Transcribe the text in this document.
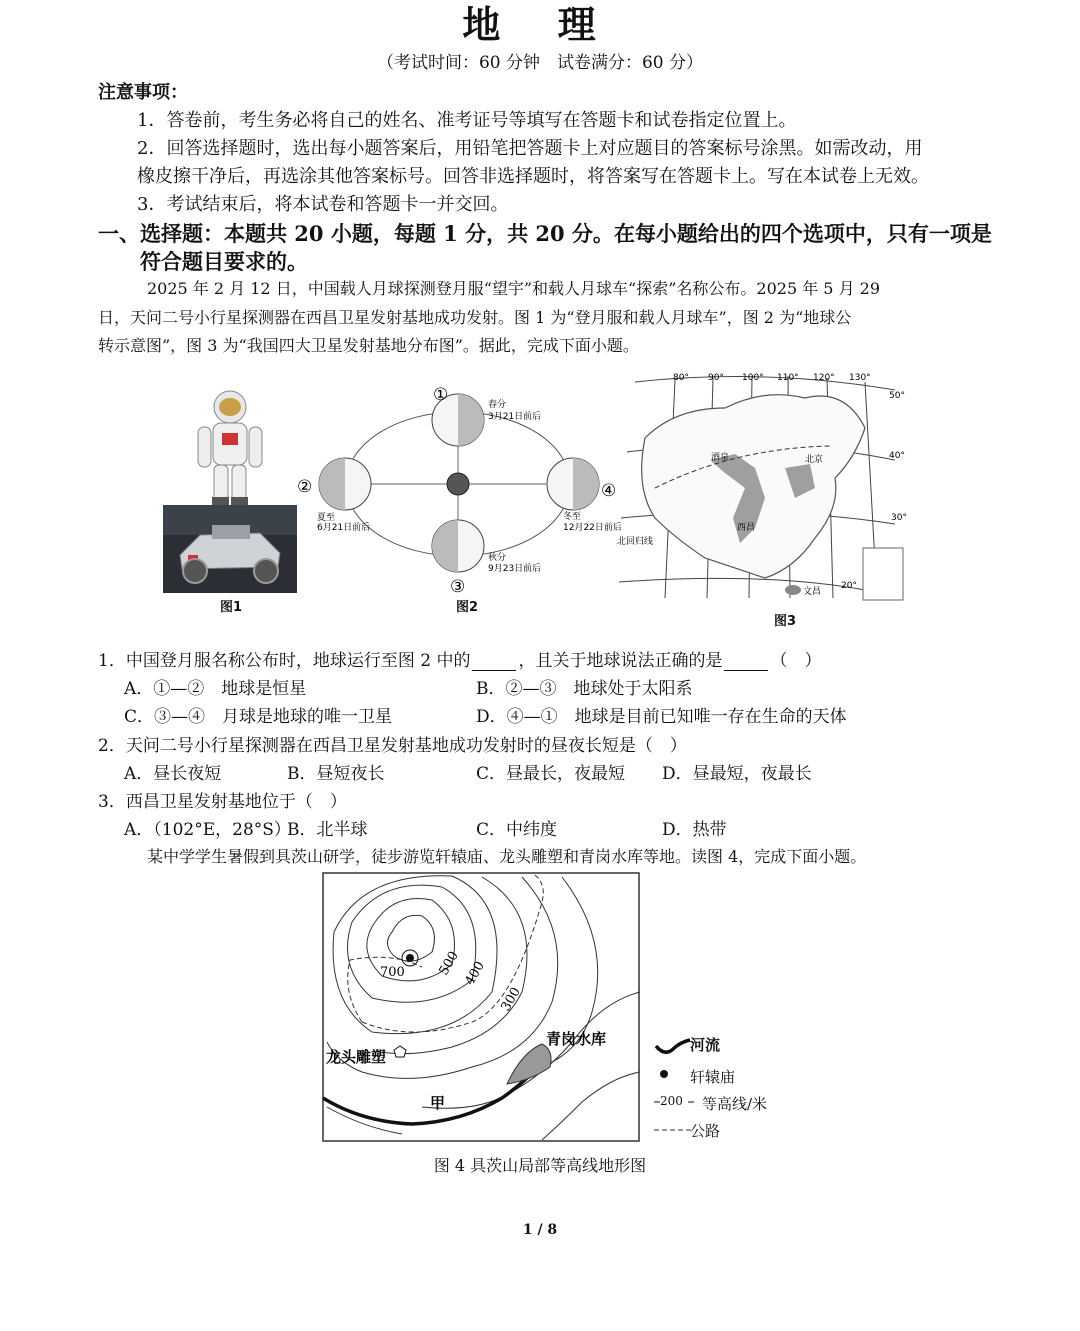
地 理
（考试时间：60 分钟　试卷满分：60 分）
注意事项：
1．答卷前，考生务必将自己的姓名、准考证号等填写在答题卡和试卷指定位置上。
2．回答选择题时，选出每小题答案后，用铅笔把答题卡上对应题目的答案标号涂黑。如需改动，用
橡皮擦干净后，再选涂其他答案标号。回答非选择题时，将答案写在答题卡上。写在本试卷上无效。
3．考试结束后，将本试卷和答题卡一并交回。
一、选择题：本题共 20 小题，每题 1 分，共 20 分。在每小题给出的四个选项中，只有一项是
符合题目要求的。
2025 年 2 月 12 日，中国载人月球探测登月服“望宇”和载人月球车“探索”名称公布。2025 年 5 月 29
日，天问二号小行星探测器在西昌卫星发射基地成功发射。图 1 为“登月服和载人月球车”，图 2 为“地球公
转示意图”，图 3 为“我国四大卫星发射基地分布图”。据此，完成下面小题。
图1
①
②
③
④
春分
3月21日前后
夏至
6月21日前后
秋分
9月23日前后
冬至
12月22日前后
图2
80° 90° 100° 110° 120° 130°
50°
40°
30°
20°
北回归线
酒泉	北京
西昌
文昌
图3
1．中国登月服名称公布时，地球运行至图 2 中的	，且关于地球说法正确的是	（　）
A．①—②　地球是恒星	B．②—③　地球处于太阳系
C．③—④　月球是地球的唯一卫星	D．④—①　地球是目前已知唯一存在生命的天体
2．天问二号小行星探测器在西昌卫星发射基地成功发射时的昼夜长短是（　）
A．昼长夜短	B．昼短夜长	C．昼最长，夜最短 D．昼最短，夜最长
3．西昌卫星发射基地位于（　）
A．（102°E，28°S）
B．北半球	C．中纬度	D．热带
某中学学生暑假到具茨山研学，徒步游览轩辕庙、龙头雕塑和青岗水库等地。读图 4，完成下面小题。
700 500 400
300
青岗水库
龙头雕塑
甲
河流
轩辕庙
200 等高线/米
公路
图 4 具茨山局部等高线地形图
1 / 8
